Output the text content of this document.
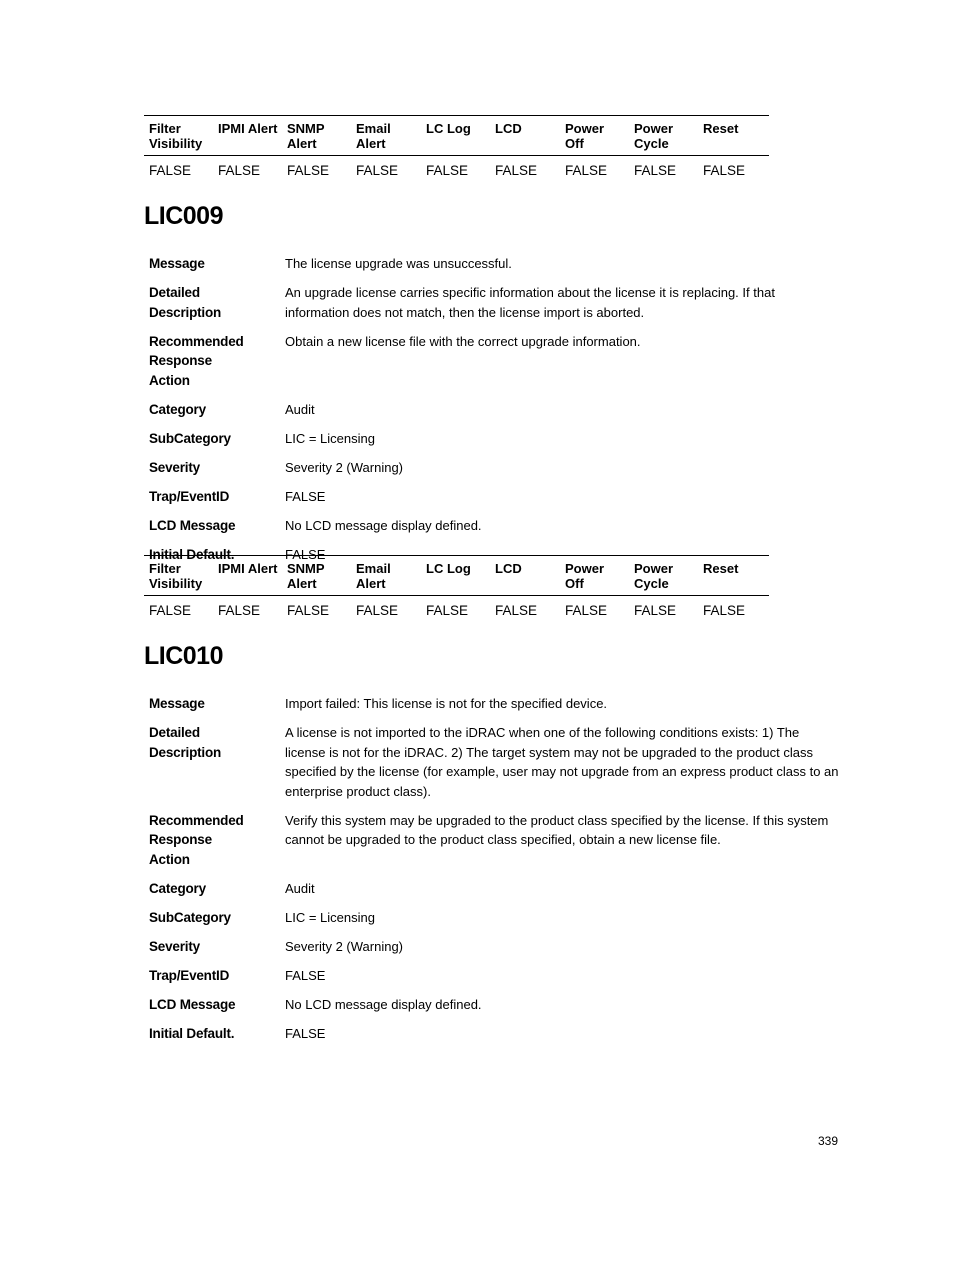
Filter Visibility	IPMI Alert	SNMP Alert	Email Alert	LC Log	LCD	Power Off	Power Cycle	Reset
FALSE	FALSE	FALSE	FALSE	FALSE	FALSE	FALSE	FALSE	FALSE
LIC009
Message	The license upgrade was unsuccessful.
Detailed Description
An upgrade license carries specific information about the license it is replacing. If that information does not match, then the license import is aborted.
Recommended Response Action
Obtain a new license file with the correct upgrade information.
Category	Audit
SubCategory	LIC = Licensing
Severity	Severity 2 (Warning)
Trap/EventID	FALSE
LCD Message	No LCD message display defined.
Initial Default.	FALSE
Filter Visibility	IPMI Alert	SNMP Alert	Email Alert	LC Log	LCD	Power Off	Power Cycle	Reset
FALSE	FALSE	FALSE	FALSE	FALSE	FALSE	FALSE	FALSE	FALSE
LIC010
Message	Import failed: This license is not for the specified device.
Detailed Description
A license is not imported to the iDRAC when one of the following conditions exists: 1) The license is not for the iDRAC. 2) The target system may not be upgraded to the product class specified by the license (for example, user may not upgrade from an express product class to an enterprise product class).
Recommended Response Action
Verify this system may be upgraded to the product class specified by the license. If this system cannot be upgraded to the product class specified, obtain a new license file.
Category	Audit
SubCategory	LIC = Licensing
Severity	Severity 2 (Warning)
Trap/EventID	FALSE
LCD Message	No LCD message display defined.
Initial Default.	FALSE
339
